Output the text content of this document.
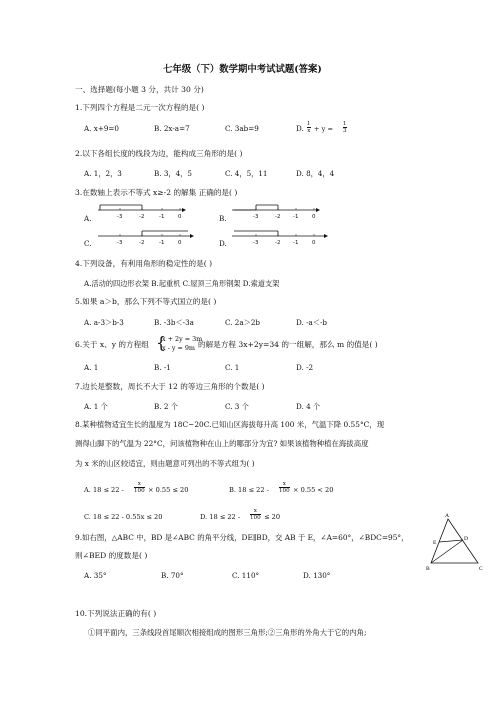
七年级（下）数学期中考试试题(答案)
一、选择题(每小题 3 分，共计 30 分)
1.下列四个方程是二元一次方程的是( )
A. x+9=0	B. 2x-a=7	C. 3ab=9	D. $\frac{1}{x} + y = \frac{1}{3}$
2.以下各组长度的线段为边，能构成三角形的是( )
A. 1，2，3	B. 3，4，5	C. 4，5，11	D. 8，4，4
3.在数轴上表示不等式 x≥-2 的解集 正确的是( )
A.	-3	-2	-1	0	B.	-3	-2 -1	0
C.	-3	-2	-1	0	D.	-3	-2 -1	0
4.下列设备，有利用角形的稳定性的是( )
A.活动的四边形衣架 B.起重机 C.屋顶三角形钢架 D.索道支架
5.如果 a＞b，那么下列不等式国立的是( )
A. a-3＞b-3	B. -3b＜-3a	C. 2a＞2b	D. -a＜-b
6.关于 x、y 的方程组 {
x + 2y = 3m
x - y = 9m 的解是方程 3x+2y=34 的一组解，那么 m 的值是( )
A. 1	B. -1	C. 1	D. -2
7.边长是整数，周长不大于 12 的等边三角形的个数是( )
A. 1 个	B. 2 个	C. 3 个	D. 4 个
8.某种植物适宜生长的温度为 18C~20C.已知山区海拔每升高 100 米，气温下降 0.55°C，现
测得山脚下的气温为 22°C，问该植物种在山上的哪部分为宜? 如果该植物种植在海拔高度
为 x 米的山区较适宜，则由题意可列出的不等式组为( )
A. $18 \le 22 - \frac{x}{100} \times 0.55 \le 20$	B. $18 \le 22 - \frac{x}{100} \times 0.55 < 20$
C. 18 ≤ 22 - 0.55x ≤ 20	D. $18 \le 22 - \frac{x}{100} \le 20$
9.如右图，△ABC 中，BD 是∠ABC 的角平分线，DE∥BD，交 AB 于 E，∠A=60°，∠BDC=95°，
则∠BED 的度数是( )
A. 35°	B. 70°	C. 110°	D. 130°
A
E
D
B	C
10.下列说法正确的有( )
①同平面内，三条线段首尾顺次相接组成的图形三角形;②三角形的外角大于它的内角;
